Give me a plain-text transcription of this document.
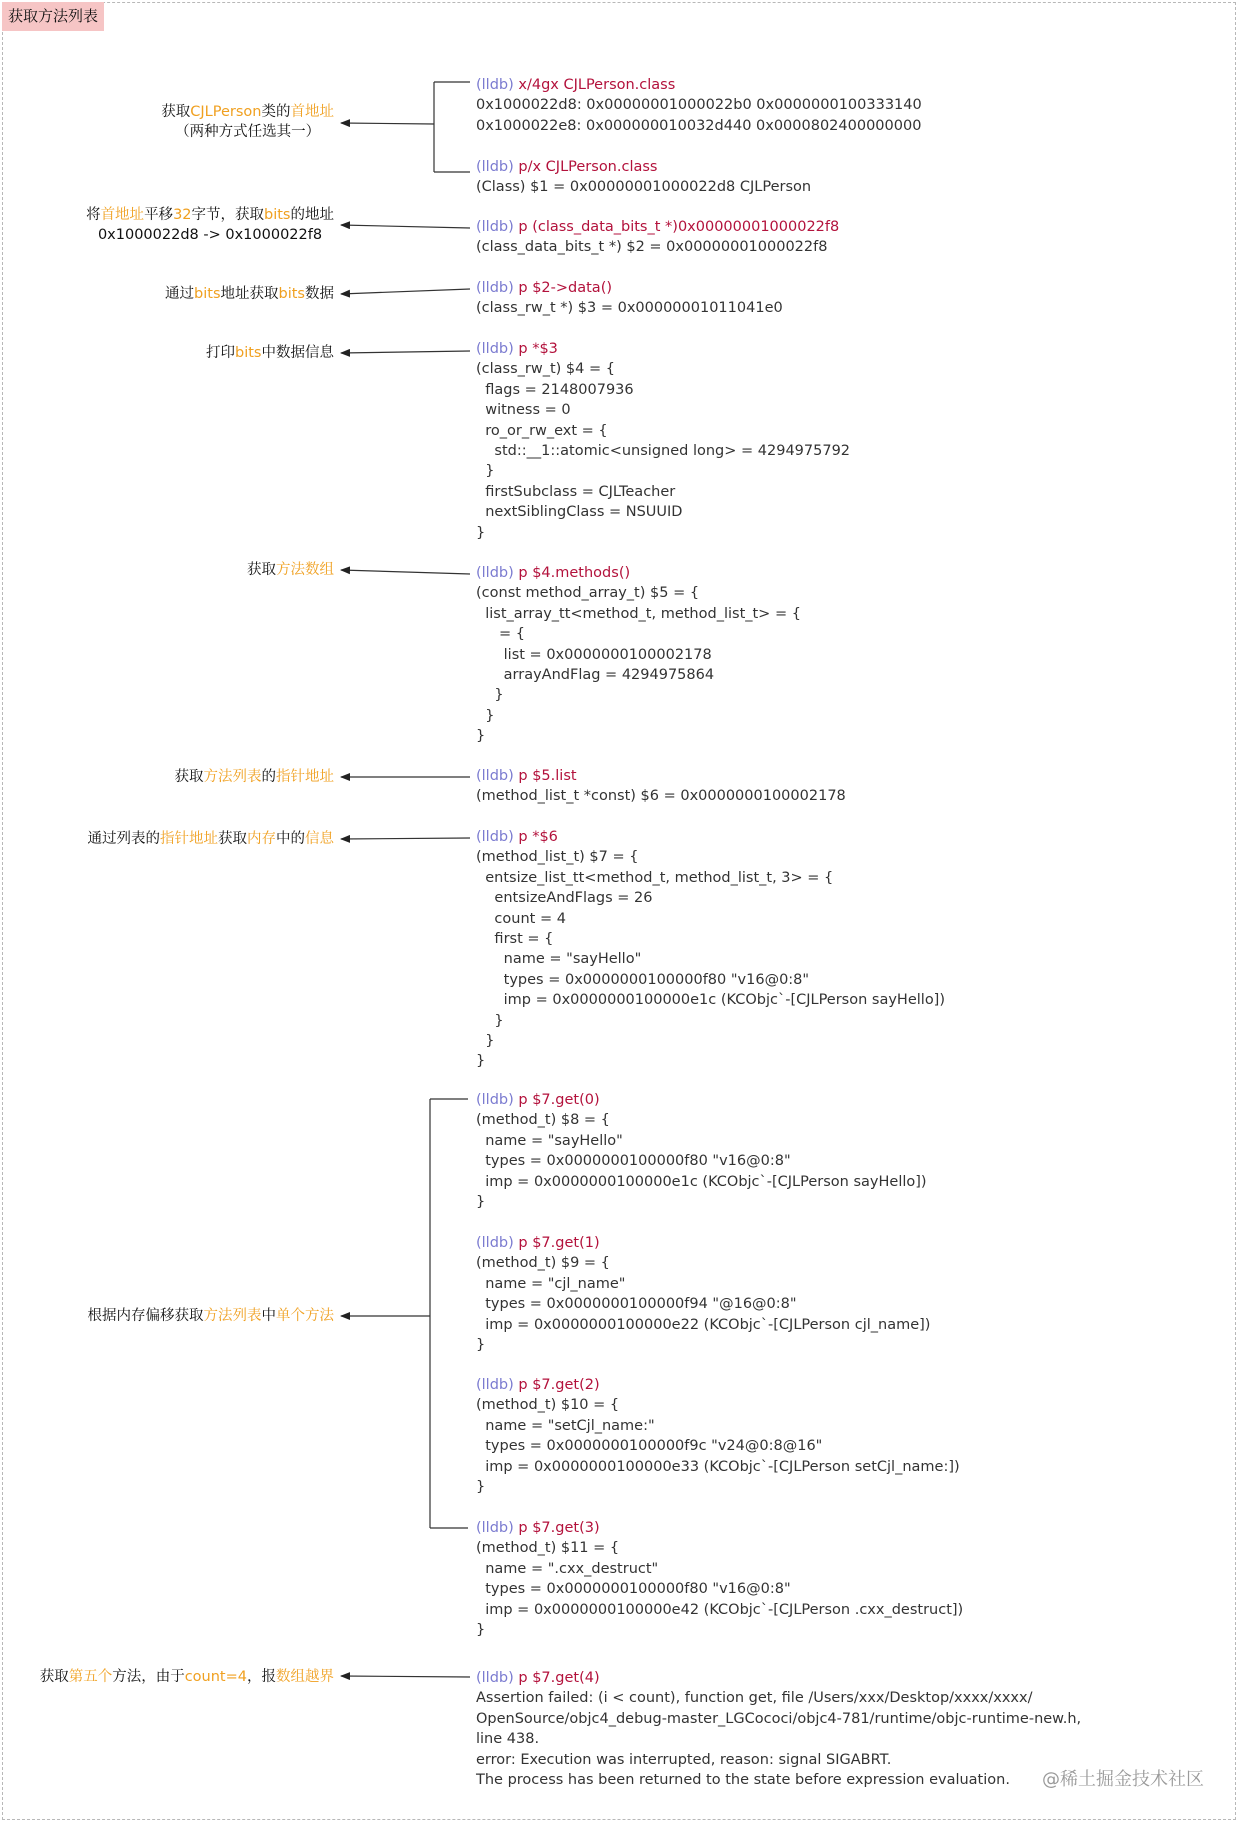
获取方法列表
获取CJLPerson类的首地址
（两种方式任选其一）
将首地址平移32字节，获取bits的地址
0x1000022d8 -> 0x1000022f8
通过bits地址获取bits数据
打印bits中数据信息
获取方法数组
获取方法列表的指针地址
通过列表的指针地址获取内存中的信息
根据内存偏移获取方法列表中单个方法
获取第五个方法，由于count=4，报数组越界
(lldb) x/4gx CJLPerson.class
0x1000022d8: 0x00000001000022b0 0x0000000100333140
0x1000022e8: 0x000000010032d440 0x0000802400000000
(lldb) p/x CJLPerson.class
(Class) $1 = 0x00000001000022d8 CJLPerson
(lldb) p (class_data_bits_t *)0x00000001000022f8
(class_data_bits_t *) $2 = 0x00000001000022f8
(lldb) p $2->data()
(class_rw_t *) $3 = 0x00000001011041e0
(lldb) p *$3
(class_rw_t) $4 = {
flags = 2148007936
witness = 0
ro_or_rw_ext = {
std::__1::atomic<unsigned long> = 4294975792
}
firstSubclass = CJLTeacher
nextSiblingClass = NSUUID
}
(lldb) p $4.methods()
(const method_array_t) $5 = {
list_array_tt<method_t, method_list_t> = {
= {
list = 0x0000000100002178
arrayAndFlag = 4294975864
}
}
}
(lldb) p $5.list
(method_list_t *const) $6 = 0x0000000100002178
(lldb) p *$6
(method_list_t) $7 = {
entsize_list_tt<method_t, method_list_t, 3> = {
entsizeAndFlags = 26
count = 4
first = {
name = "sayHello"
types = 0x0000000100000f80 "v16@0:8"
imp = 0x0000000100000e1c (KCObjc`-[CJLPerson sayHello])
}
}
}
(lldb) p $7.get(0)
(method_t) $8 = {
name = "sayHello"
types = 0x0000000100000f80 "v16@0:8"
imp = 0x0000000100000e1c (KCObjc`-[CJLPerson sayHello])
}
(lldb) p $7.get(1)
(method_t) $9 = {
name = "cjl_name"
types = 0x0000000100000f94 "@16@0:8"
imp = 0x0000000100000e22 (KCObjc`-[CJLPerson cjl_name])
}
(lldb) p $7.get(2)
(method_t) $10 = {
name = "setCjl_name:"
types = 0x0000000100000f9c "v24@0:8@16"
imp = 0x0000000100000e33 (KCObjc`-[CJLPerson setCjl_name:])
}
(lldb) p $7.get(3)
(method_t) $11 = {
name = ".cxx_destruct"
types = 0x0000000100000f80 "v16@0:8"
imp = 0x0000000100000e42 (KCObjc`-[CJLPerson .cxx_destruct])
}
(lldb) p $7.get(4)
Assertion failed: (i < count), function get, file /Users/xxx/Desktop/xxxx/xxxx/
OpenSource/objc4_debug-master_LGCococi/objc4-781/runtime/objc-runtime-new.h,
line 438.
error: Execution was interrupted, reason: signal SIGABRT.
The process has been returned to the state before expression evaluation.	@稀土掘金技术社区
